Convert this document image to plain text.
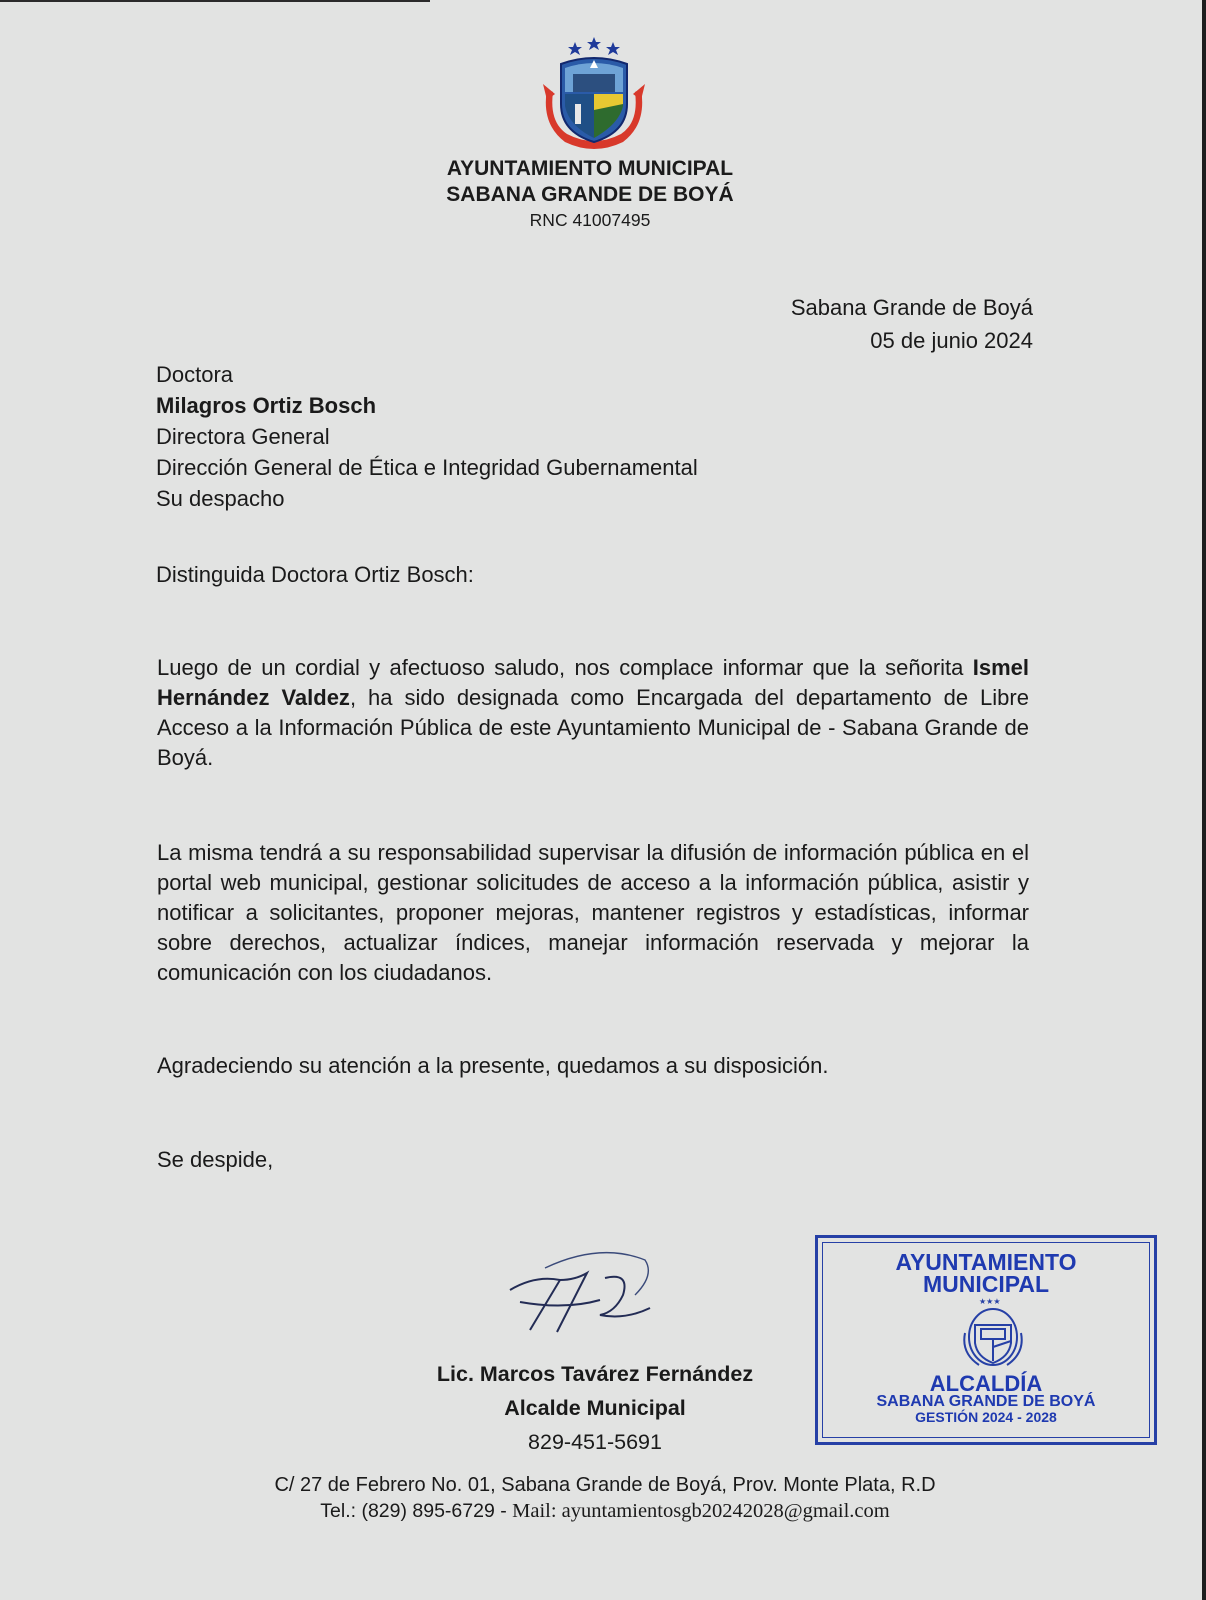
AYUNTAMIENTO MUNICIPAL
SABANA GRANDE DE BOYÁ
RNC 41007495
Sabana Grande de Boyá
05 de junio 2024
Doctora
Milagros Ortiz Bosch
Directora General
Dirección General de Ética e Integridad Gubernamental
Su despacho
Distinguida Doctora Ortiz Bosch:
Luego de un cordial y afectuoso saludo, nos complace informar que la señorita Ismel Hernández Valdez, ha sido designada como Encargada del departamento de Libre Acceso a la Información Pública de este Ayuntamiento Municipal de - Sabana Grande de Boyá.
La misma tendrá a su responsabilidad supervisar la difusión de información pública en el portal web municipal, gestionar solicitudes de acceso a la información pública, asistir y notificar a solicitantes, proponer mejoras, mantener registros y estadísticas, informar sobre derechos, actualizar índices, manejar información reservada y mejorar la comunicación con los ciudadanos.
Agradeciendo su atención a la presente, quedamos a su disposición.
Se despide,
Lic. Marcos Tavárez Fernández
Alcalde Municipal
829-451-5691
AYUNTAMIENTO
MUNICIPAL
★★★
ALCALDÍA
SABANA GRANDE DE BOYÁ
GESTIÓN 2024 - 2028
C/ 27 de Febrero No. 01, Sabana Grande de Boyá, Prov. Monte Plata, R.D
Tel.: (829) 895-6729 - Mail: ayuntamientosgb20242028@gmail.com
